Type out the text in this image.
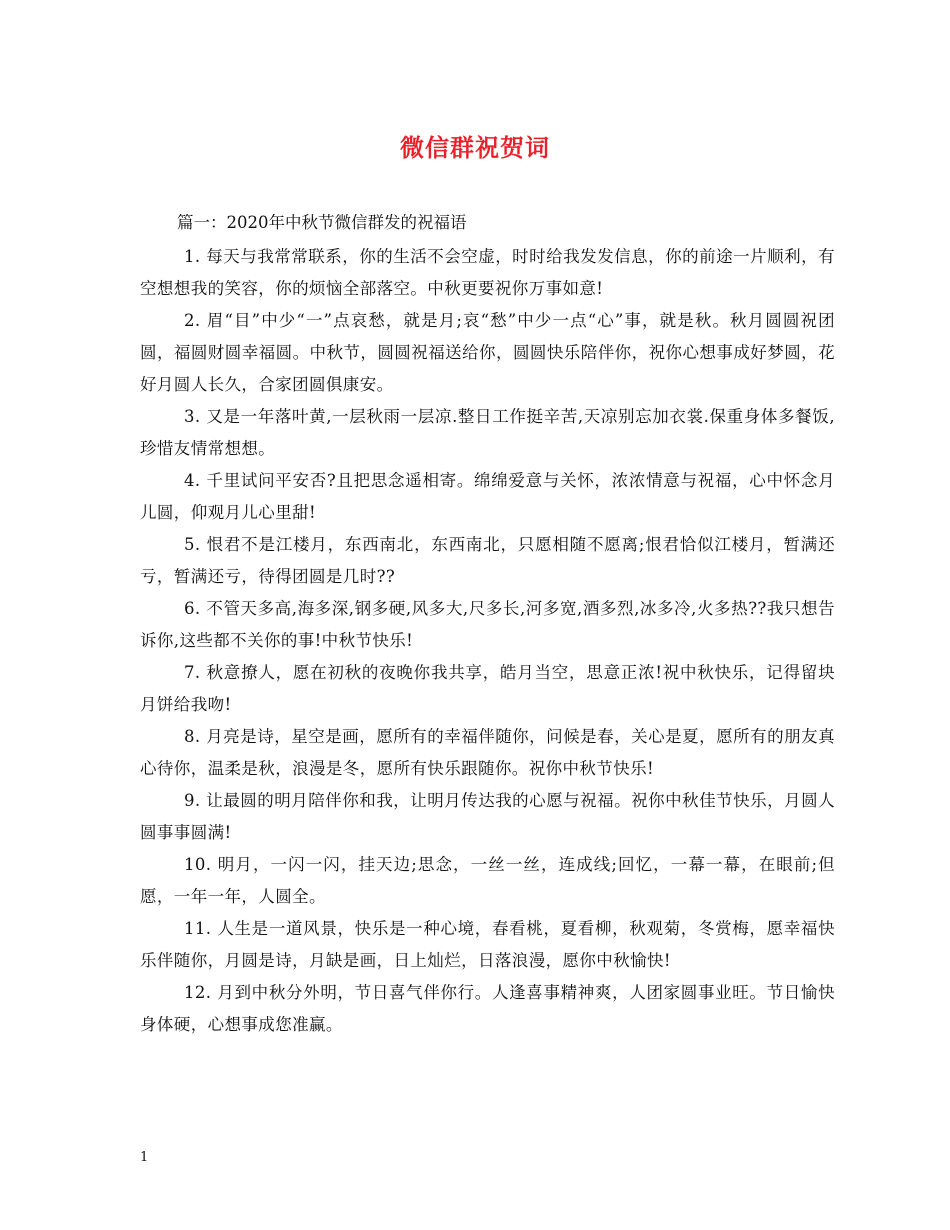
微信群祝贺词
篇一：2020年中秋节微信群发的祝福语

1. 每天与我常常联系，你的生活不会空虚，时时给我发发信息，你的前途一片顺利，有空想想我的笑容，你的烦恼全部落空。中秋更要祝你万事如意!

2. 眉“目”中少“一”点哀愁，就是月;哀“愁”中少一点“心”事，就是秋。秋月圆圆祝团圆，福圆财圆幸福圆。中秋节，圆圆祝福送给你，圆圆快乐陪伴你，祝你心想事成好梦圆，花好月圆人长久，合家团圆俱康安。

3. 又是一年落叶黄,一层秋雨一层凉.整日工作挺辛苦,天凉别忘加衣裳.保重身体多餐饭,珍惜友情常想想。

4. 千里试问平安否?且把思念遥相寄。绵绵爱意与关怀，浓浓情意与祝福，心中怀念月儿圆，仰观月儿心里甜!

5. 恨君不是江楼月，东西南北，东西南北，只愿相随不愿离;恨君恰似江楼月，暂满还亏，暂满还亏，待得团圆是几时??

6. 不管天多高,海多深,钢多硬,风多大,尺多长,河多宽,酒多烈,冰多冷,火多热??我只想告诉你,这些都不关你的事!中秋节快乐!

7. 秋意撩人，愿在初秋的夜晚你我共享，皓月当空，思意正浓!祝中秋快乐，记得留块月饼给我吻!

8. 月亮是诗，星空是画，愿所有的幸福伴随你，问候是春，关心是夏，愿所有的朋友真心待你，温柔是秋，浪漫是冬，愿所有快乐跟随你。祝你中秋节快乐!

9. 让最圆的明月陪伴你和我，让明月传达我的心愿与祝福。祝你中秋佳节快乐，月圆人圆事事圆满!

10. 明月，一闪一闪，挂天边;思念，一丝一丝，连成线;回忆，一幕一幕，在眼前;但愿，一年一年，人圆全。

11. 人生是一道风景，快乐是一种心境，春看桃，夏看柳，秋观菊，冬赏梅，愿幸福快乐伴随你，月圆是诗，月缺是画，日上灿烂，日落浪漫，愿你中秋愉快!

12. 月到中秋分外明，节日喜气伴你行。人逢喜事精神爽，人团家圆事业旺。节日愉快身体硬，心想事成您准赢。

1
